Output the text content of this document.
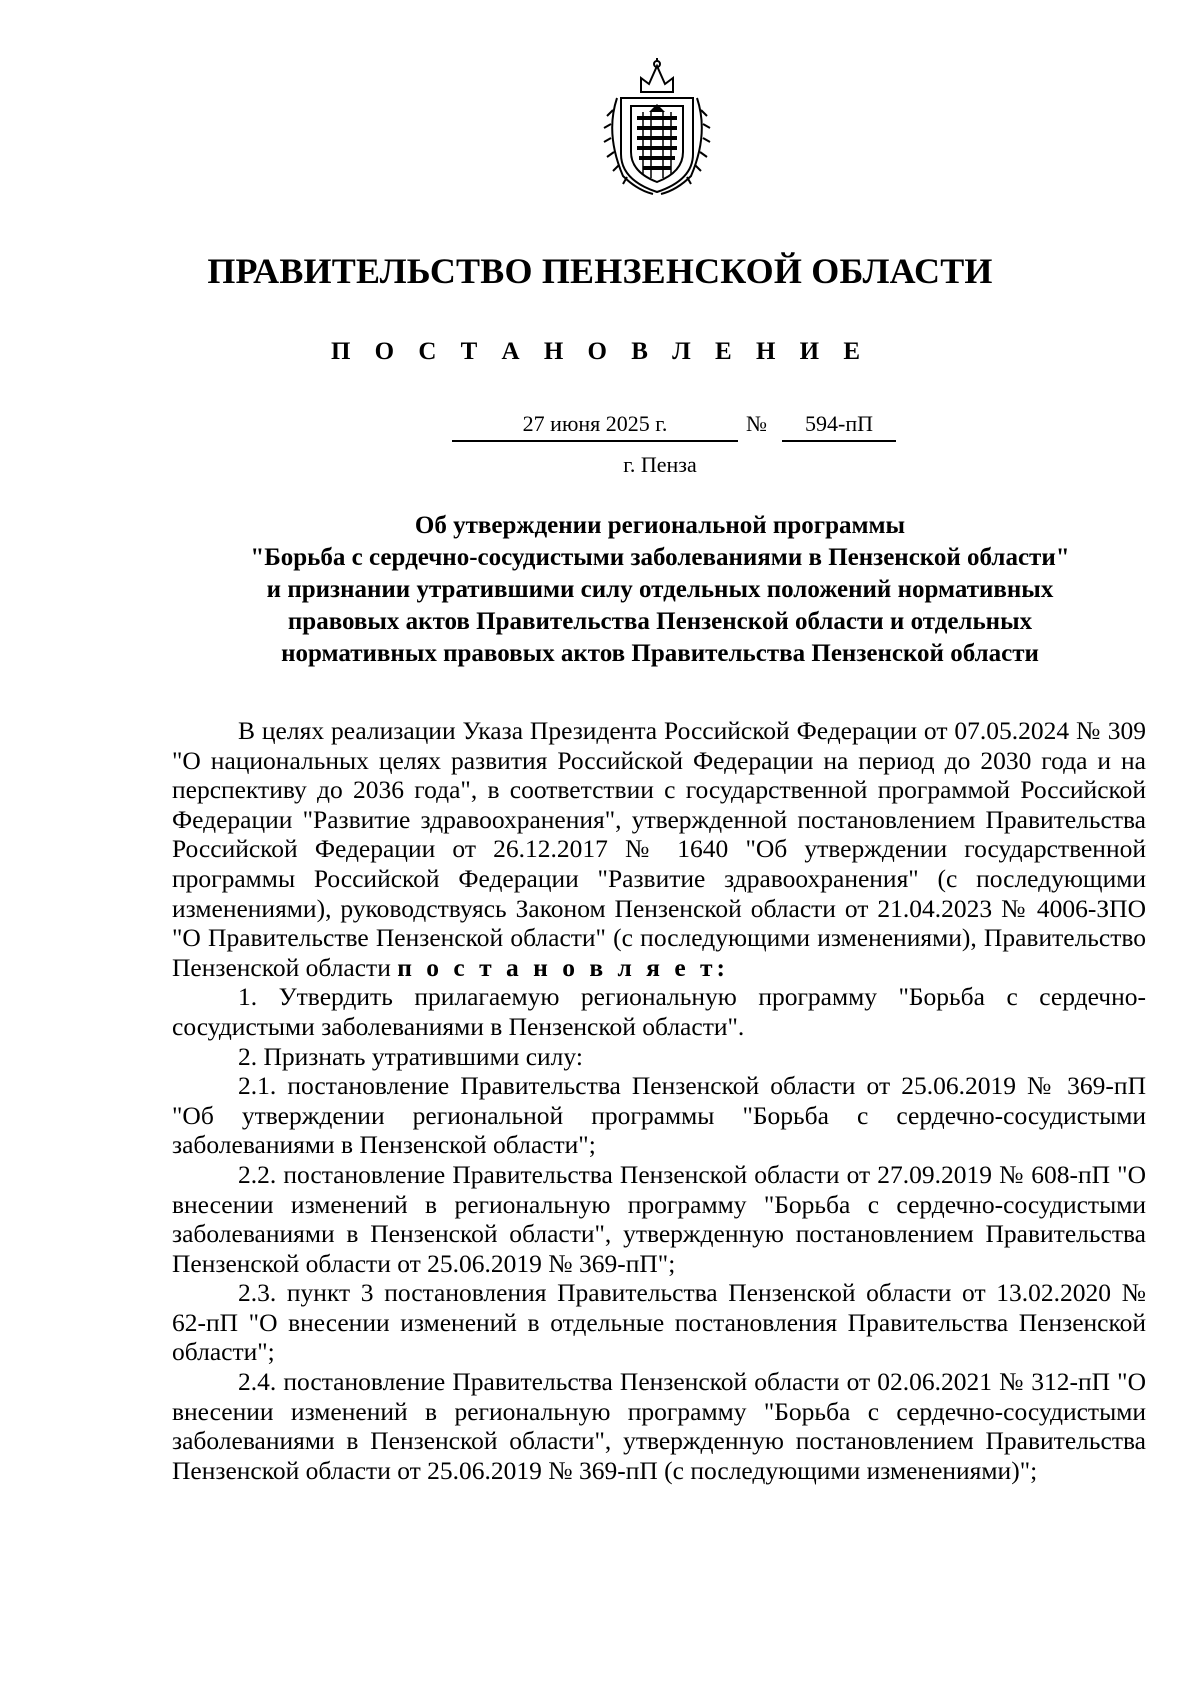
ПРАВИТЕЛЬСТВО ПЕНЗЕНСКОЙ ОБЛАСТИ
П О С Т А Н О В Л Е Н И Е
27 июня 2025 г.	№	594-пП
г. Пенза
Об утверждении региональной программы
"Борьба с сердечно-сосудистыми заболеваниями в Пензенской области"
и признании утратившими силу отдельных положений нормативных
правовых актов Правительства Пензенской области и отдельных
нормативных правовых актов Правительства Пензенской области

В целях реализации Указа Президента Российской Федерации от 07.05.2024 № 309 "О национальных целях развития Российской Федерации на период до 2030 года и на перспективу до 2036 года", в соответствии с государственной программой Российской Федерации "Развитие здравоохранения", утвержденной постановлением Правительства Российской Федерации от 26.12.2017 № 1640 "Об утверждении государственной программы Российской Федерации "Развитие здравоохранения" (с последующими изменениями), руководствуясь Законом Пензенской области от 21.04.2023 № 4006-ЗПО "О Правительстве Пензенской области" (с последующими изменениями), Правительство Пензенской области п о с т а н о в л я е т:

1. Утвердить прилагаемую региональную программу "Борьба с сердечно-сосудистыми заболеваниями в Пензенской области".

2. Признать утратившими силу:

2.1. постановление Правительства Пензенской области от 25.06.2019 № 369-пП "Об утверждении региональной программы "Борьба с сердечно-сосудистыми заболеваниями в Пензенской области";

2.2. постановление Правительства Пензенской области от 27.09.2019 № 608-пП "О внесении изменений в региональную программу "Борьба с сердечно-сосудистыми заболеваниями в Пензенской области", утвержденную постановлением Правительства Пензенской области от 25.06.2019 № 369-пП";

2.3. пункт 3 постановления Правительства Пензенской области от 13.02.2020 № 62-пП "О внесении изменений в отдельные постановления Правительства Пензенской области";

2.4. постановление Правительства Пензенской области от 02.06.2021 № 312-пП "О внесении изменений в региональную программу "Борьба с сердечно-сосудистыми заболеваниями в Пензенской области", утвержденную постановлением Правительства Пензенской области от 25.06.2019 № 369-пП (с последующими изменениями)";
